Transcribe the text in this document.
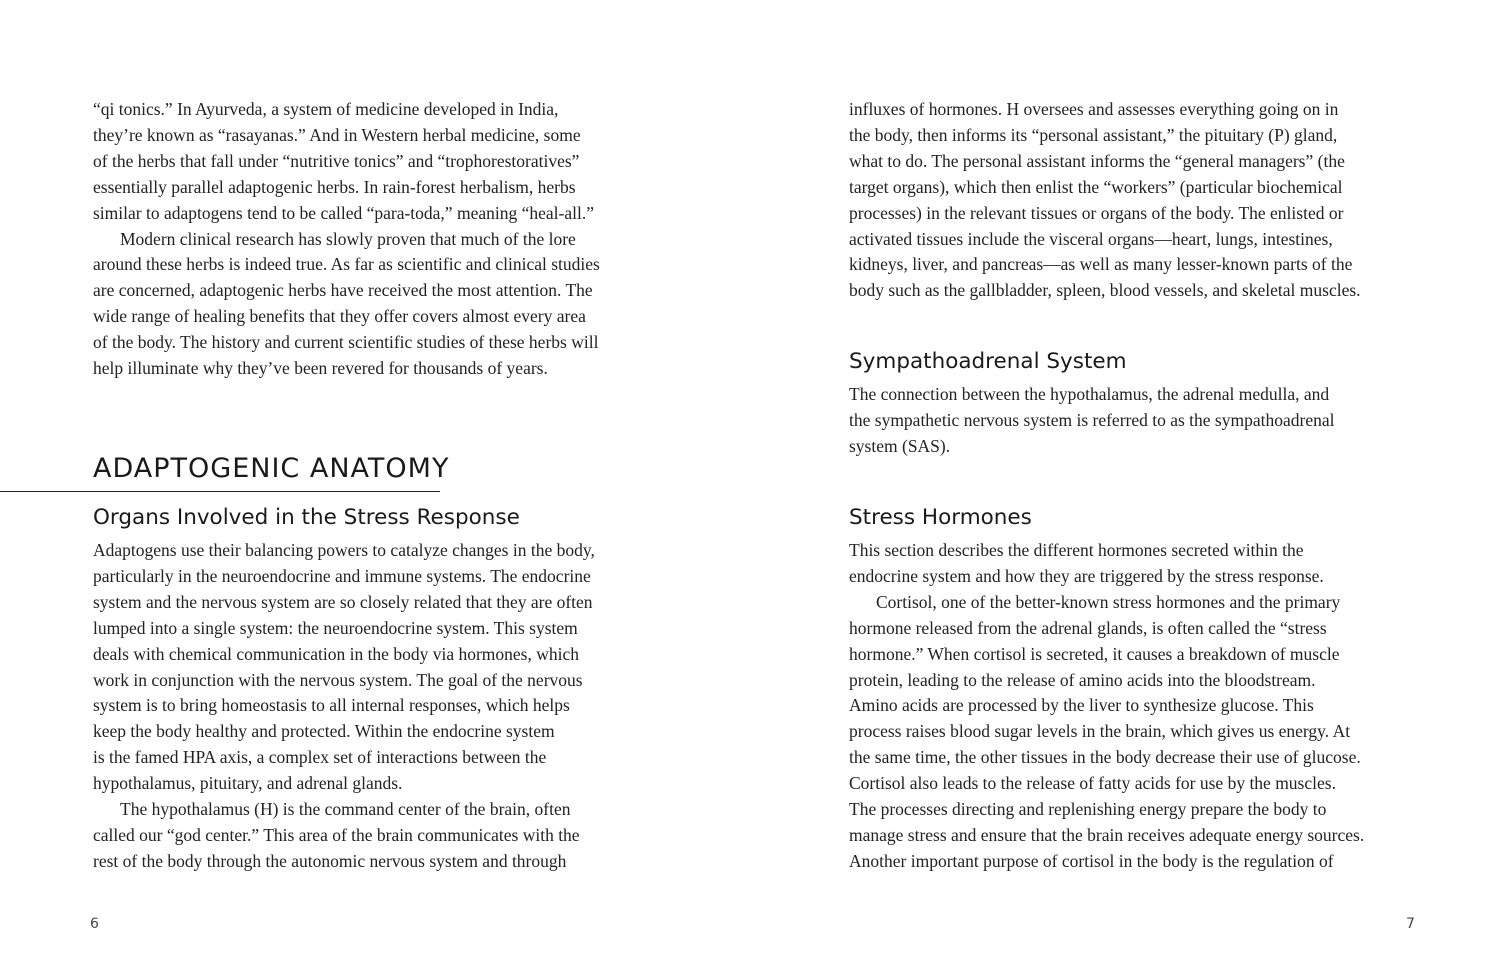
“qi tonics.” In Ayurveda, a system of medicine developed in India,
they’re known as “rasayanas.” And in Western herbal medicine, some
of the herbs that fall under “nutritive tonics” and “trophorestoratives”
essentially parallel adaptogenic herbs. In rain-forest herbalism, herbs
similar to adaptogens tend to be called “para-toda,” meaning “heal-all.”
Modern clinical research has slowly proven that much of the lore
around these herbs is indeed true. As far as scientific and clinical studies
are concerned, adaptogenic herbs have received the most attention. The
wide range of healing benefits that they offer covers almost every area
of the body. The history and current scientific studies of these herbs will
help illuminate why they’ve been revered for thousands of years.
ADAPTOGENIC ANATOMY
Organs Involved in the Stress Response
Adaptogens use their balancing powers to catalyze changes in the body,
particularly in the neuroendocrine and immune systems. The endocrine
system and the nervous system are so closely related that they are often
lumped into a single system: the neuroendocrine system. This system
deals with chemical communication in the body via hormones, which
work in conjunction with the nervous system. The goal of the nervous
system is to bring homeostasis to all internal responses, which helps
keep the body healthy and protected. Within the endocrine system
is the famed HPA axis, a complex set of interactions between the
hypothalamus, pituitary, and adrenal glands.
The hypothalamus (H) is the command center of the brain, often
called our “god center.” This area of the brain communicates with the
rest of the body through the autonomic nervous system and through
6
influxes of hormones. H oversees and assesses everything going on in
the body, then informs its “personal assistant,” the pituitary (P) gland,
what to do. The personal assistant informs the “general managers” (the
target organs), which then enlist the “workers” (particular biochemical
processes) in the relevant tissues or organs of the body. The enlisted or
activated tissues include the visceral organs—heart, lungs, intestines,
kidneys, liver, and pancreas—as well as many lesser-known parts of the
body such as the gallbladder, spleen, blood vessels, and skeletal muscles.
Sympathoadrenal System
The connection between the hypothalamus, the adrenal medulla, and
the sympathetic nervous system is referred to as the sympathoadrenal
system (SAS).
Stress Hormones
This section describes the different hormones secreted within the
endocrine system and how they are triggered by the stress response.
Cortisol, one of the better-known stress hormones and the primary
hormone released from the adrenal glands, is often called the “stress
hormone.” When cortisol is secreted, it causes a breakdown of muscle
protein, leading to the release of amino acids into the bloodstream.
Amino acids are processed by the liver to synthesize glucose. This
process raises blood sugar levels in the brain, which gives us energy. At
the same time, the other tissues in the body decrease their use of glucose.
Cortisol also leads to the release of fatty acids for use by the muscles.
The processes directing and replenishing energy prepare the body to
manage stress and ensure that the brain receives adequate energy sources.
Another important purpose of cortisol in the body is the regulation of
7
